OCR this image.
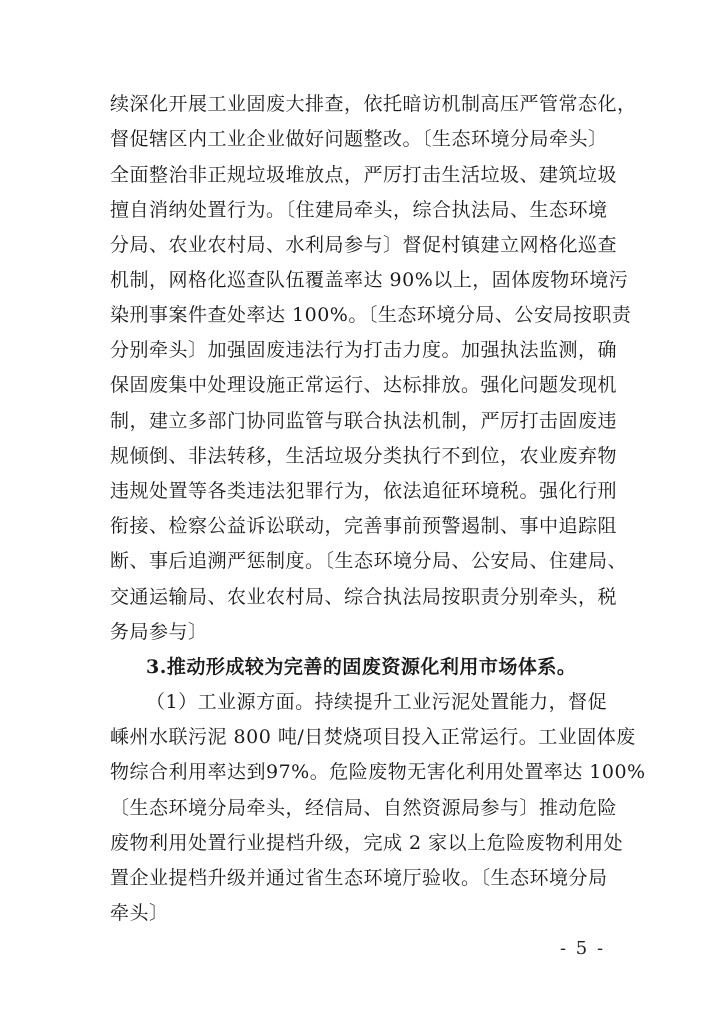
续深化开展工业固废大排查，依托暗访机制高压严管常态化，
督促辖区内工业企业做好问题整改。〔生态环境分局牵头〕
全面整治非正规垃圾堆放点，严厉打击生活垃圾、建筑垃圾
擅自消纳处置行为。〔住建局牵头，综合执法局、生态环境
分局、农业农村局、水利局参与〕督促村镇建立网格化巡查
机制，网格化巡查队伍覆盖率达 90%以上，固体废物环境污
染刑事案件查处率达 100%。〔生态环境分局、公安局按职责
分别牵头〕加强固废违法行为打击力度。加强执法监测，确
保固废集中处理设施正常运行、达标排放。强化问题发现机
制，建立多部门协同监管与联合执法机制，严厉打击固废违
规倾倒、非法转移，生活垃圾分类执行不到位，农业废弃物
违规处置等各类违法犯罪行为，依法追征环境税。强化行刑
衔接、检察公益诉讼联动，完善事前预警遏制、事中追踪阻
断、事后追溯严惩制度。〔生态环境分局、公安局、住建局、
交通运输局、农业农村局、综合执法局按职责分别牵头，税
务局参与〕
3.推动形成较为完善的固废资源化利用市场体系。
（1）工业源方面。持续提升工业污泥处置能力，督促
嵊州水联污泥 800 吨/日焚烧项目投入正常运行。工业固体废
物综合利用率达到97%。危险废物无害化利用处置率达 100%
〔生态环境分局牵头，经信局、自然资源局参与〕推动危险
废物利用处置行业提档升级，完成 2 家以上危险废物利用处
置企业提档升级并通过省生态环境厅验收。〔生态环境分局
牵头〕
- 5 -
